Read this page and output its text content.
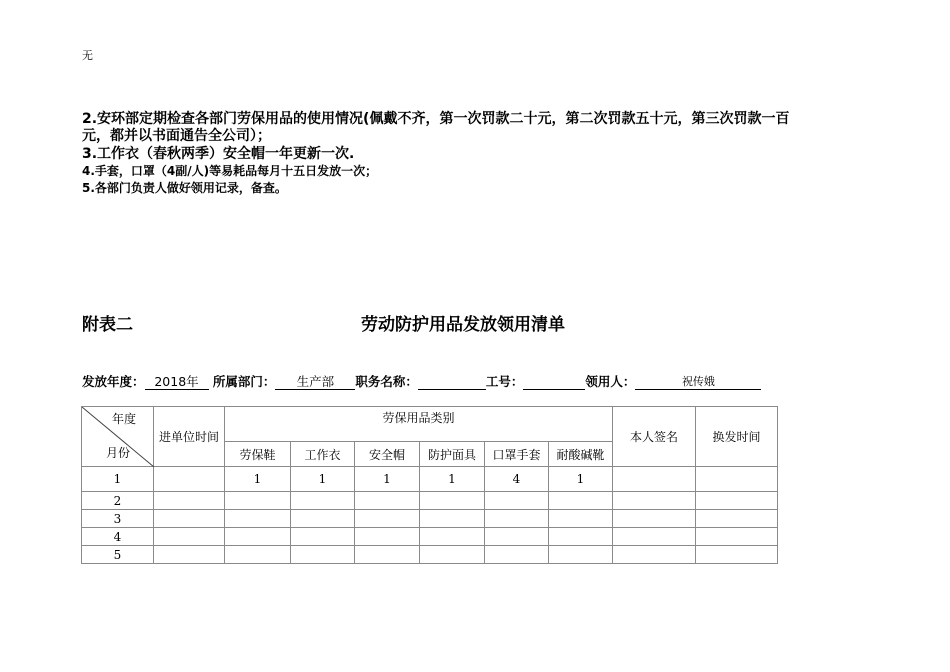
无
2.安环部定期检查各部门劳保用品的使用情况(佩戴不齐，第一次罚款二十元，第二次罚款五十元，第三次罚款一百
元，都并以书面通告全公司）；
3.工作衣（春秋两季）安全帽一年更新一次.
4.手套，口罩（4副/人)等易耗品每月十五日发放一次；
5.各部门负责人做好领用记录，备查。
附表二	劳动防护用品发放领用清单
发放年度： 2018年 所属部门： 生产部 职务名称：	工号：	领用人：	祝传娥
年度
月份	进单位时间	劳保用品类别						本人签名	换发时间
		劳保鞋	工作衣	安全帽	防护面具	口罩手套	耐酸碱靴		
1		1	1	1	1	4	1		
2									
3									
4									
5									
